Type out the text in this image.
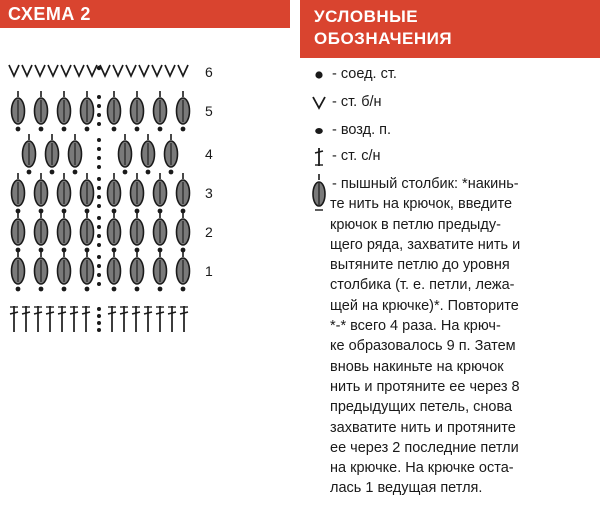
СХЕМА 2
1
2
3
4
5
6
УСЛОВНЫЕ
ОБОЗНАЧЕНИЯ
- соед. ст.
- ст. б/н
- возд. п.
- ст. с/н
- пышный столбик: *накинь-
те нить на крючок, введите
крючок в петлю предыду-
щего ряда, захватите нить и
вытяните петлю до уровня
столбика (т. е. петли, лежа-
щей на крючке)*. Повторите
*-* всего 4 раза. На крюч-
ке образовалось 9 п. Затем
вновь накиньте на крючок
нить и протяните ее через 8
предыдущих петель, снова
захватите нить и протяните
ее через 2 последние петли
на крючке. На крючке оста-
лась 1 ведущая петля.
